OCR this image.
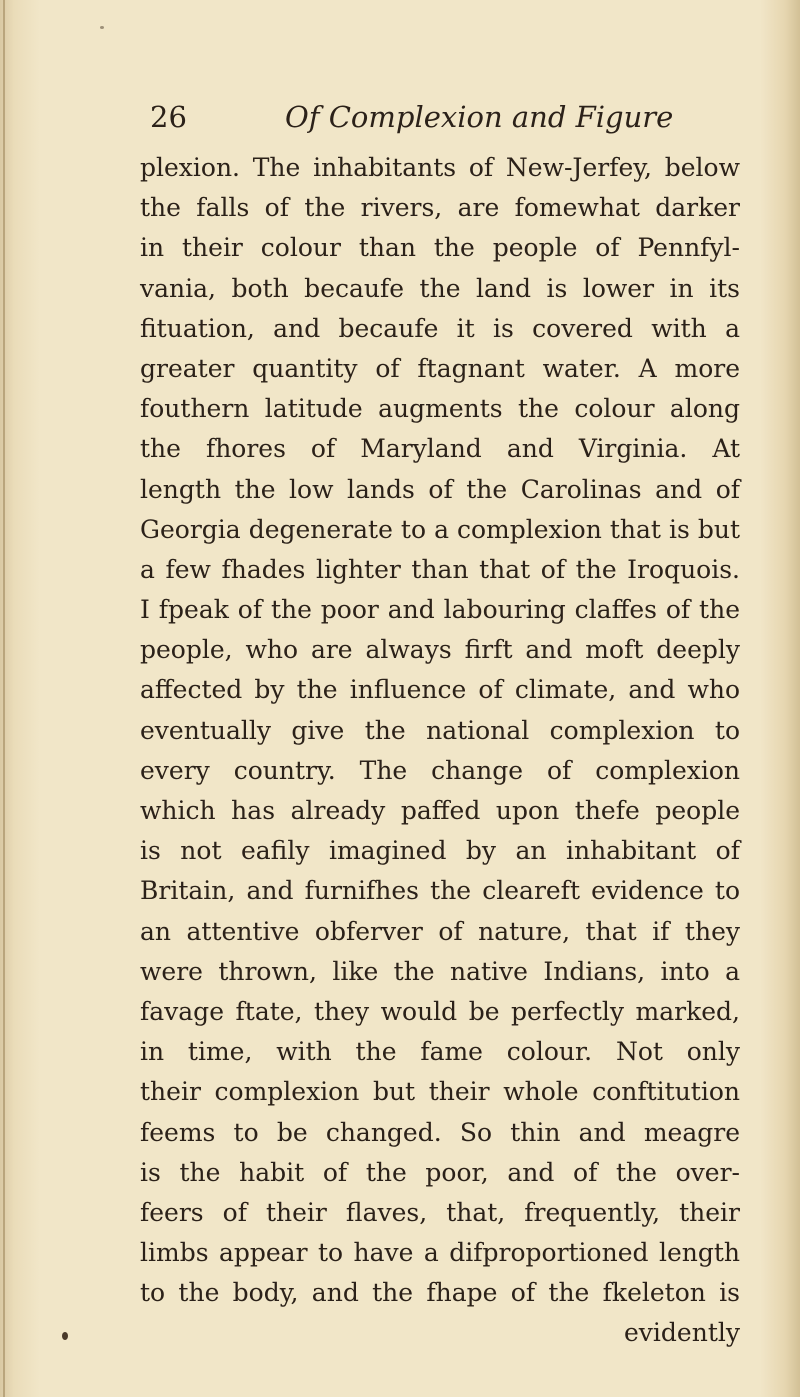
26	Of Complexion and Figure
plexion. The inhabitants of New-Jerfey, below
the falls of the rivers, are fomewhat darker
in their colour than the people of Pennfyl-
vania, both becaufe the land is lower in its
fituation, and becaufe it is covered with a
greater quantity of ftagnant water. A more
fouthern latitude augments the colour along
the fhores of Maryland and Virginia. At
length the low lands of the Carolinas and of
Georgia degenerate to a complexion that is but
a few fhades lighter than that of the Iroquois.
I fpeak of the poor and labouring claffes of the
people, who are always firft and moft deeply
affected by the influence of climate, and who
eventually give the national complexion to
every country. The change of complexion
which has already paffed upon thefe people
is not eafily imagined by an inhabitant of
Britain, and furnifhes the cleareft evidence to
an attentive obferver of nature, that if they
were thrown, like the native Indians, into a
favage ftate, they would be perfectly marked,
in time, with the fame colour. Not only
their complexion but their whole conftitution
feems to be changed. So thin and meagre
is the habit of the poor, and of the over-
feers of their flaves, that, frequently, their
limbs appear to have a difproportioned length
to the body, and the fhape of the fkeleton is
evidently
